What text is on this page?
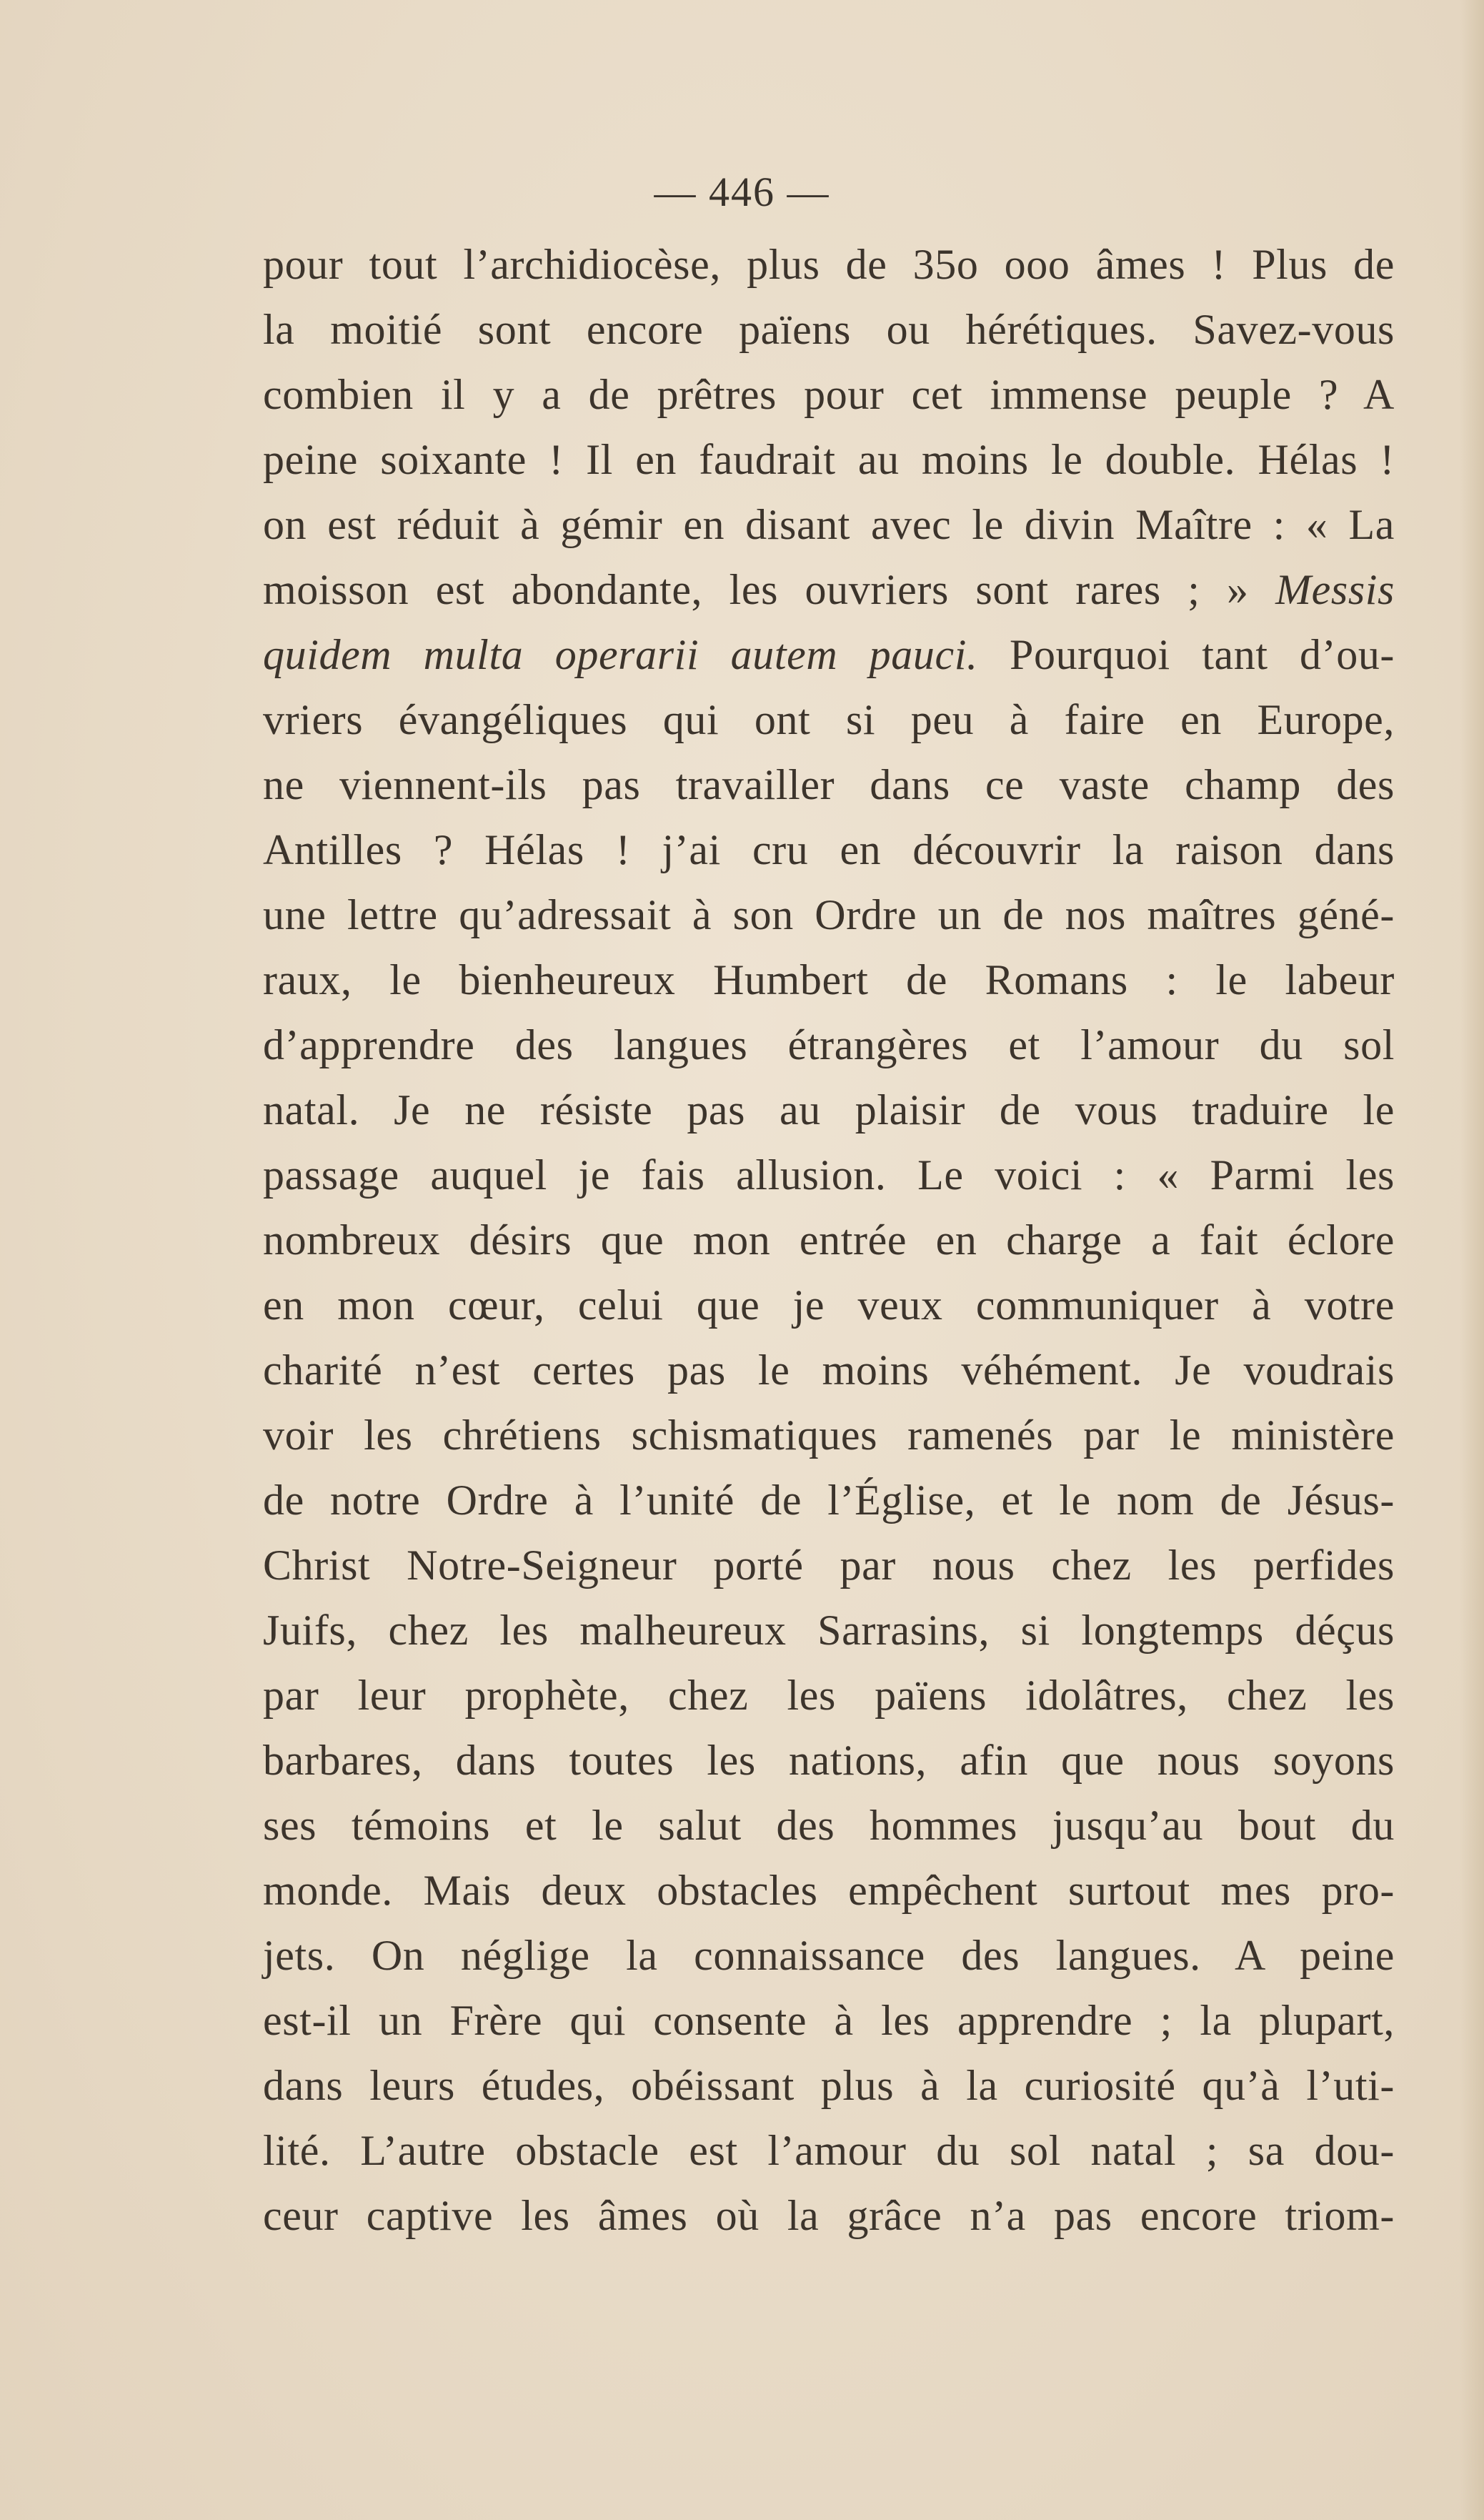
— 446 —
pour tout l’archidiocèse, plus de 35o ooo âmes ! Plus de
la moitié sont encore païens ou hérétiques. Savez-vous
combien il y a de prêtres pour cet immense peuple ? A
peine soixante ! Il en faudrait au moins le double. Hélas !
on est réduit à gémir en disant avec le divin Maître : « La
moisson est abondante, les ouvriers sont rares ; » Messis
quidem multa operarii autem pauci. Pourquoi tant d’ou-
vriers évangéliques qui ont si peu à faire en Europe,
ne viennent-ils pas travailler dans ce vaste champ des
Antilles ? Hélas ! j’ai cru en découvrir la raison dans
une lettre qu’adressait à son Ordre un de nos maîtres géné-
raux, le bienheureux Humbert de Romans : le labeur
d’apprendre des langues étrangères et l’amour du sol
natal. Je ne résiste pas au plaisir de vous traduire le
passage auquel je fais allusion. Le voici : « Parmi les
nombreux désirs que mon entrée en charge a fait éclore
en mon cœur, celui que je veux communiquer à votre
charité n’est certes pas le moins véhément. Je voudrais
voir les chrétiens schismatiques ramenés par le ministère
de notre Ordre à l’unité de l’Église, et le nom de Jésus-
Christ Notre-Seigneur porté par nous chez les perfides
Juifs, chez les malheureux Sarrasins, si longtemps déçus
par leur prophète, chez les païens idolâtres, chez les
barbares, dans toutes les nations, afin que nous soyons
ses témoins et le salut des hommes jusqu’au bout du
monde. Mais deux obstacles empêchent surtout mes pro-
jets. On néglige la connaissance des langues. A peine
est-il un Frère qui consente à les apprendre ; la plupart,
dans leurs études, obéissant plus à la curiosité qu’à l’uti-
lité. L’autre obstacle est l’amour du sol natal ; sa dou-
ceur captive les âmes où la grâce n’a pas encore triom-
